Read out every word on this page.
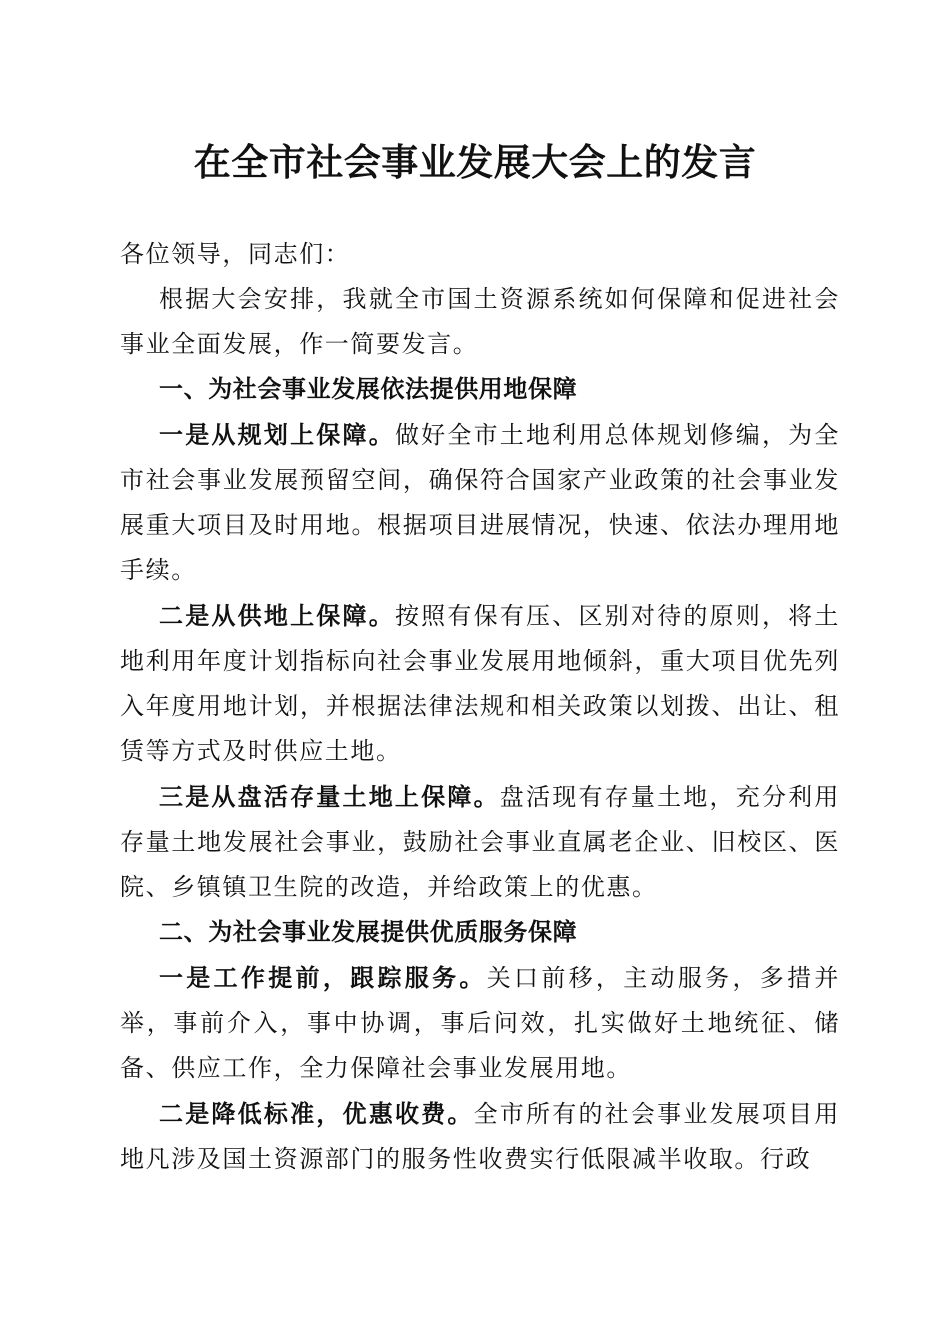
在全市社会事业发展大会上的发言

各位领导，同志们：

根据大会安排，我就全市国土资源系统如何保障和促进社会事业全面发展，作一简要发言。

一、为社会事业发展依法提供用地保障

一是从规划上保障。做好全市土地利用总体规划修编，为全市社会事业发展预留空间，确保符合国家产业政策的社会事业发展重大项目及时用地。根据项目进展情况，快速、依法办理用地手续。

二是从供地上保障。按照有保有压、区别对待的原则，将土地利用年度计划指标向社会事业发展用地倾斜，重大项目优先列入年度用地计划，并根据法律法规和相关政策以划拨、出让、租赁等方式及时供应土地。

三是从盘活存量土地上保障。盘活现有存量土地，充分利用存量土地发展社会事业，鼓励社会事业直属老企业、旧校区、医院、乡镇镇卫生院的改造，并给政策上的优惠。

二、为社会事业发展提供优质服务保障

一是工作提前，跟踪服务。关口前移，主动服务，多措并举，事前介入，事中协调，事后问效，扎实做好土地统征、储备、供应工作，全力保障社会事业发展用地。

二是降低标准，优惠收费。全市所有的社会事业发展项目用地凡涉及国土资源部门的服务性收费实行低限减半收取。行政
